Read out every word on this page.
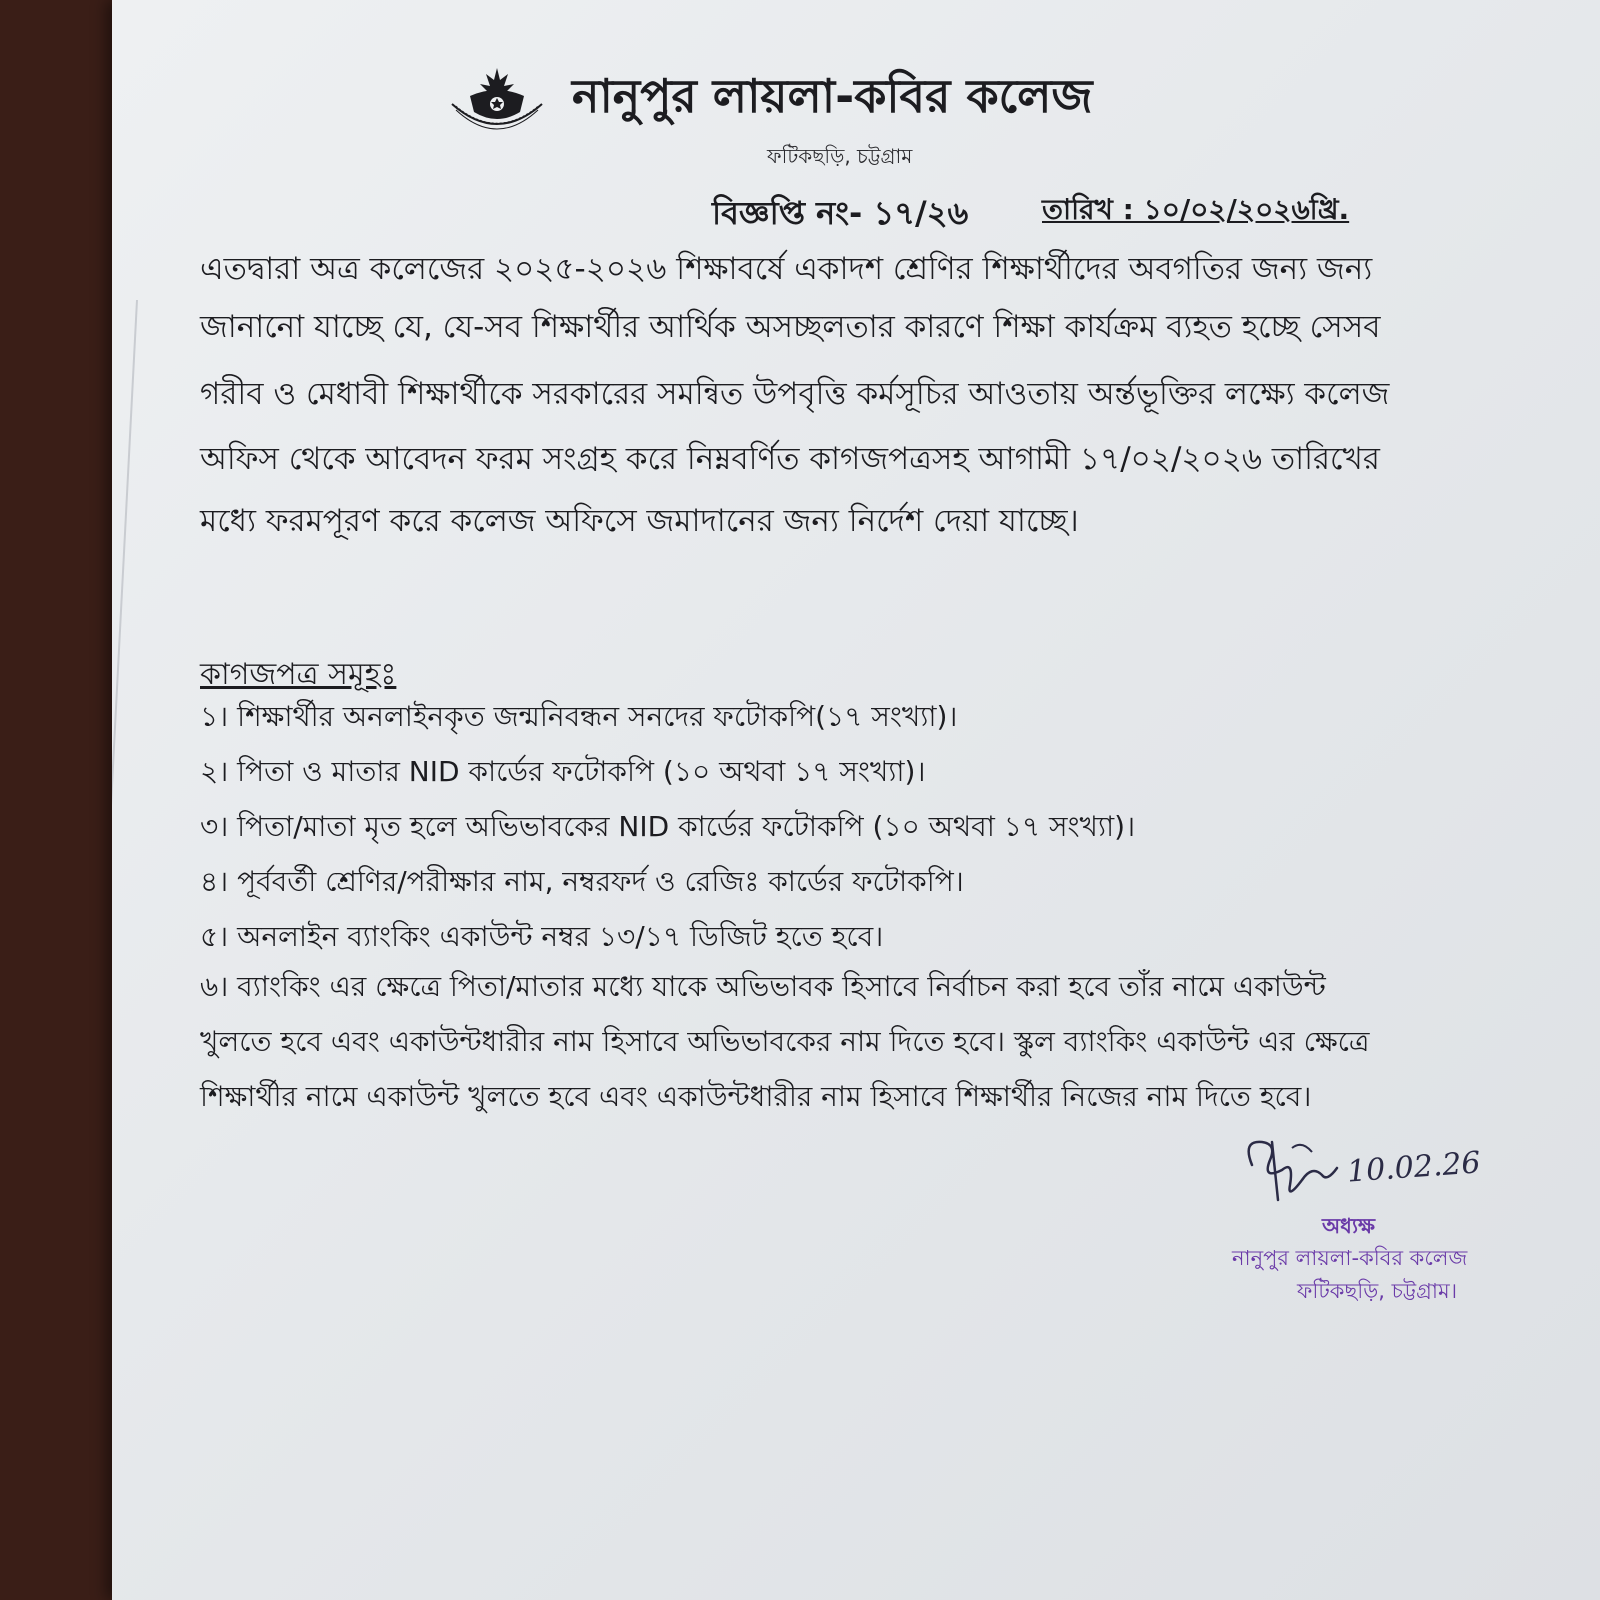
নানুপুর লায়লা-কবির কলেজ
ফটিকছড়ি, চট্টগ্রাম
বিজ্ঞপ্তি নং- ১৭/২৬	তারিখ : ১০/০২/২০২৬খ্রি.
এতদ্বারা অত্র কলেজের ২০২৫-২০২৬ শিক্ষাবর্ষে একাদশ শ্রেণির শিক্ষার্থীদের অবগতির জন্য জন্য
জানানো যাচ্ছে যে, যে-সব শিক্ষার্থীর আর্থিক অসচ্ছলতার কারণে শিক্ষা কার্যক্রম ব্যহত হচ্ছে সেসব
গরীব ও মেধাবী শিক্ষার্থীকে সরকারের সমন্বিত উপবৃত্তি কর্মসূচির আওতায় অর্ন্তভূক্তির লক্ষ্যে কলেজ
অফিস থেকে আবেদন ফরম সংগ্রহ করে নিম্নবর্ণিত কাগজপত্রসহ আগামী ১৭/০২/২০২৬ তারিখের
মধ্যে ফরমপূরণ করে কলেজ অফিসে জমাদানের জন্য নির্দেশ দেয়া যাচ্ছে।
কাগজপত্র সমূহঃ
১। শিক্ষার্থীর অনলাইনকৃত জন্মনিবন্ধন সনদের ফটোকপি(১৭ সংখ্যা)।
২। পিতা ও মাতার NID কার্ডের ফটোকপি (১০ অথবা ১৭ সংখ্যা)।
৩। পিতা/মাতা মৃত হলে অভিভাবকের NID কার্ডের ফটোকপি (১০ অথবা ১৭ সংখ্যা)।
৪। পূর্ববর্তী শ্রেণির/পরীক্ষার নাম, নম্বরফর্দ ও রেজিঃ কার্ডের ফটোকপি।
৫। অনলাইন ব্যাংকিং একাউন্ট নম্বর ১৩/১৭ ডিজিট হতে হবে।
৬। ব্যাংকিং এর ক্ষেত্রে পিতা/মাতার মধ্যে যাকে অভিভাবক হিসাবে নির্বাচন করা হবে তাঁর নামে একাউন্ট
খুলতে হবে এবং একাউন্টধারীর নাম হিসাবে অভিভাবকের নাম দিতে হবে। স্কুল ব্যাংকিং একাউন্ট এর ক্ষেত্রে
শিক্ষার্থীর নামে একাউন্ট খুলতে হবে এবং একাউন্টধারীর নাম হিসাবে শিক্ষার্থীর নিজের নাম দিতে হবে।
10.02.26
অধ্যক্ষ
নানুপুর লায়লা-কবির কলেজ
ফটিকছড়ি, চট্টগ্রাম।
